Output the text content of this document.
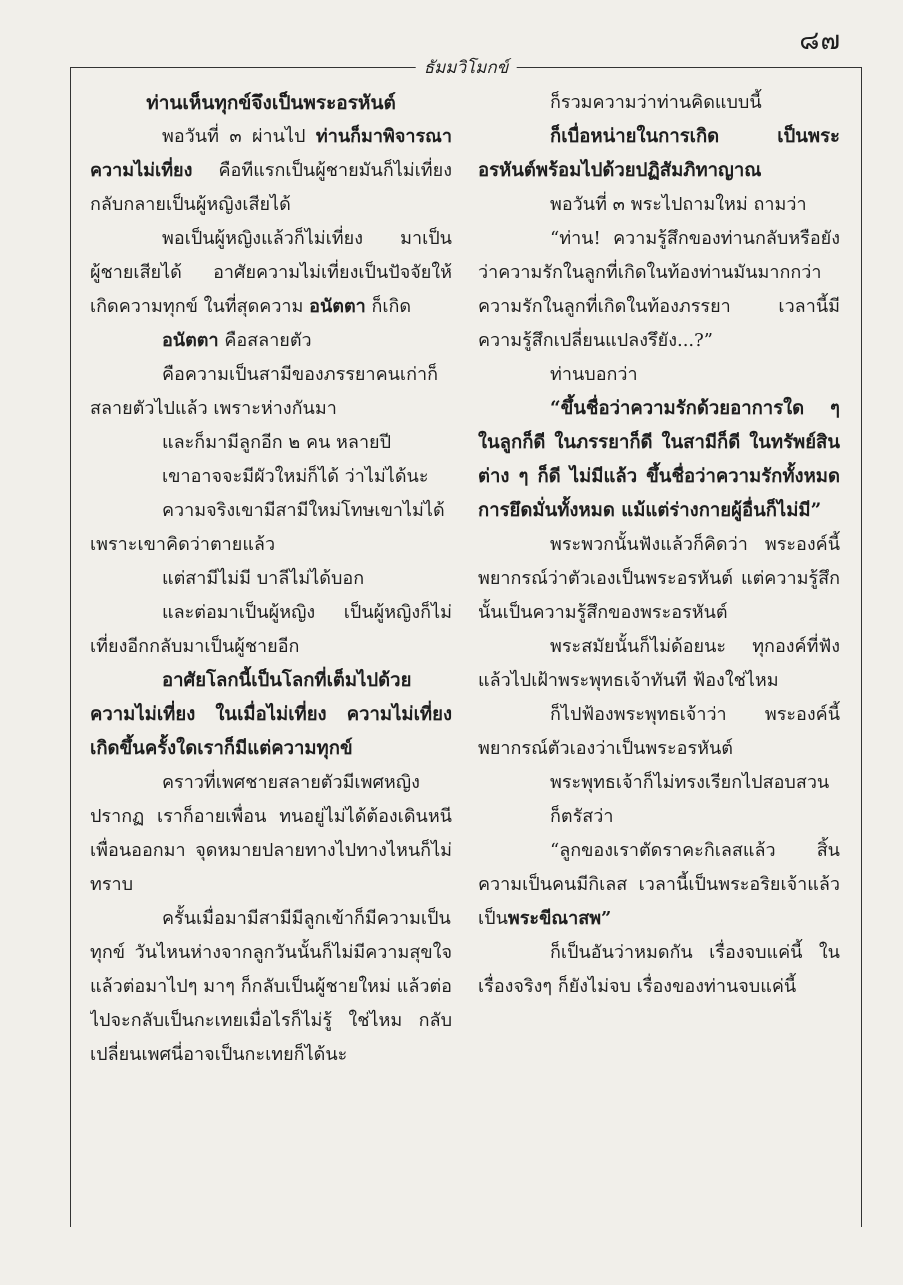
๘๗
ธัมมวิโมกข์

ท่านเห็นทุกข์จึงเป็นพระอรหันต์

พอวันที่ ๓ ผ่านไป ท่านก็มาพิจารณาความไม่เที่ยง คือทีแรกเป็นผู้ชายมันก็ไม่เที่ยง กลับกลายเป็นผู้หญิงเสียได้

พอเป็นผู้หญิงแล้วก็ไม่เที่ยง มาเป็นผู้ชายเสียได้ อาศัยความไม่เที่ยงเป็นปัจจัยให้เกิดความทุกข์ ในที่สุดความ อนัตตา ก็เกิด

อนัตตา คือสลายตัว

คือความเป็นสามีของภรรยาคนเก่าก็สลายตัวไปแล้ว เพราะห่างกันมา

และก็มามีลูกอีก ๒ คน หลายปี

เขาอาจจะมีผัวใหม่ก็ได้ ว่าไม่ได้นะ

ความจริงเขามีสามีใหม่โทษเขาไม่ได้ เพราะเขาคิดว่าตายแล้ว

แต่สามีไม่มี บาลีไม่ได้บอก

และต่อมาเป็นผู้หญิง เป็นผู้หญิงก็ไม่เที่ยงอีกกลับมาเป็นผู้ชายอีก

อาศัยโลกนี้เป็นโลกที่เต็มไปด้วยความไม่เที่ยง ในเมื่อไม่เที่ยง ความไม่เที่ยงเกิดขึ้นครั้งใดเราก็มีแต่ความทุกข์

คราวที่เพศชายสลายตัวมีเพศหญิงปรากฏ เราก็อายเพื่อน ทนอยู่ไม่ได้ต้องเดินหนีเพื่อนออกมา จุดหมายปลายทางไปทางไหนก็ไม่ทราบ

ครั้นเมื่อมามีสามีมีลูกเข้าก็มีความเป็นทุกข์ วันไหนห่างจากลูกวันนั้นก็ไม่มีความสุขใจ แล้วต่อมาไปๆ มาๆ ก็กลับเป็นผู้ชายใหม่ แล้วต่อไปจะกลับเป็นกะเทยเมื่อไรก็ไม่รู้ ใช่ไหม กลับเปลี่ยนเพศนี่อาจเป็นกะเทยก็ได้นะ

ก็รวมความว่าท่านคิดแบบนี้

ก็เบื่อหน่ายในการเกิด เป็นพระอรหันต์พร้อมไปด้วยปฏิสัมภิทาญาณ

พอวันที่ ๓ พระไปถามใหม่ ถามว่า

“ท่าน! ความรู้สึกของท่านกลับหรือยังว่าความรักในลูกที่เกิดในท้องท่านมันมากกว่าความรักในลูกที่เกิดในท้องภรรยา เวลานี้มีความรู้สึกเปลี่ยนแปลงรึยัง...?”

ท่านบอกว่า

“ขึ้นชื่อว่าความรักด้วยอาการใด ๆ ในลูกก็ดี ในภรรยาก็ดี ในสามีก็ดี ในทรัพย์สินต่าง ๆ ก็ดี ไม่มีแล้ว ขึ้นชื่อว่าความรักทั้งหมด การยึดมั่นทั้งหมด แม้แต่ร่างกายผู้อื่นก็ไม่มี”

พระพวกนั้นฟังแล้วก็คิดว่า พระองค์นี้พยากรณ์ว่าตัวเองเป็นพระอรหันต์ แต่ความรู้สึกนั้นเป็นความรู้สึกของพระอรหันต์

พระสมัยนั้นก็ไม่ด้อยนะ ทุกองค์ที่ฟังแล้วไปเฝ้าพระพุทธเจ้าทันที ฟ้องใช่ไหม

ก็ไปฟ้องพระพุทธเจ้าว่า พระองค์นี้พยากรณ์ตัวเองว่าเป็นพระอรหันต์

พระพุทธเจ้าก็ไม่ทรงเรียกไปสอบสวน

ก็ตรัสว่า

“ลูกของเราตัดราคะกิเลสแล้ว สิ้นความเป็นคนมีกิเลส เวลานี้เป็นพระอริยเจ้าแล้วเป็นพระขีณาสพ”

ก็เป็นอันว่าหมดกัน เรื่องจบแค่นี้ ในเรื่องจริงๆ ก็ยังไม่จบ เรื่องของท่านจบแค่นี้
